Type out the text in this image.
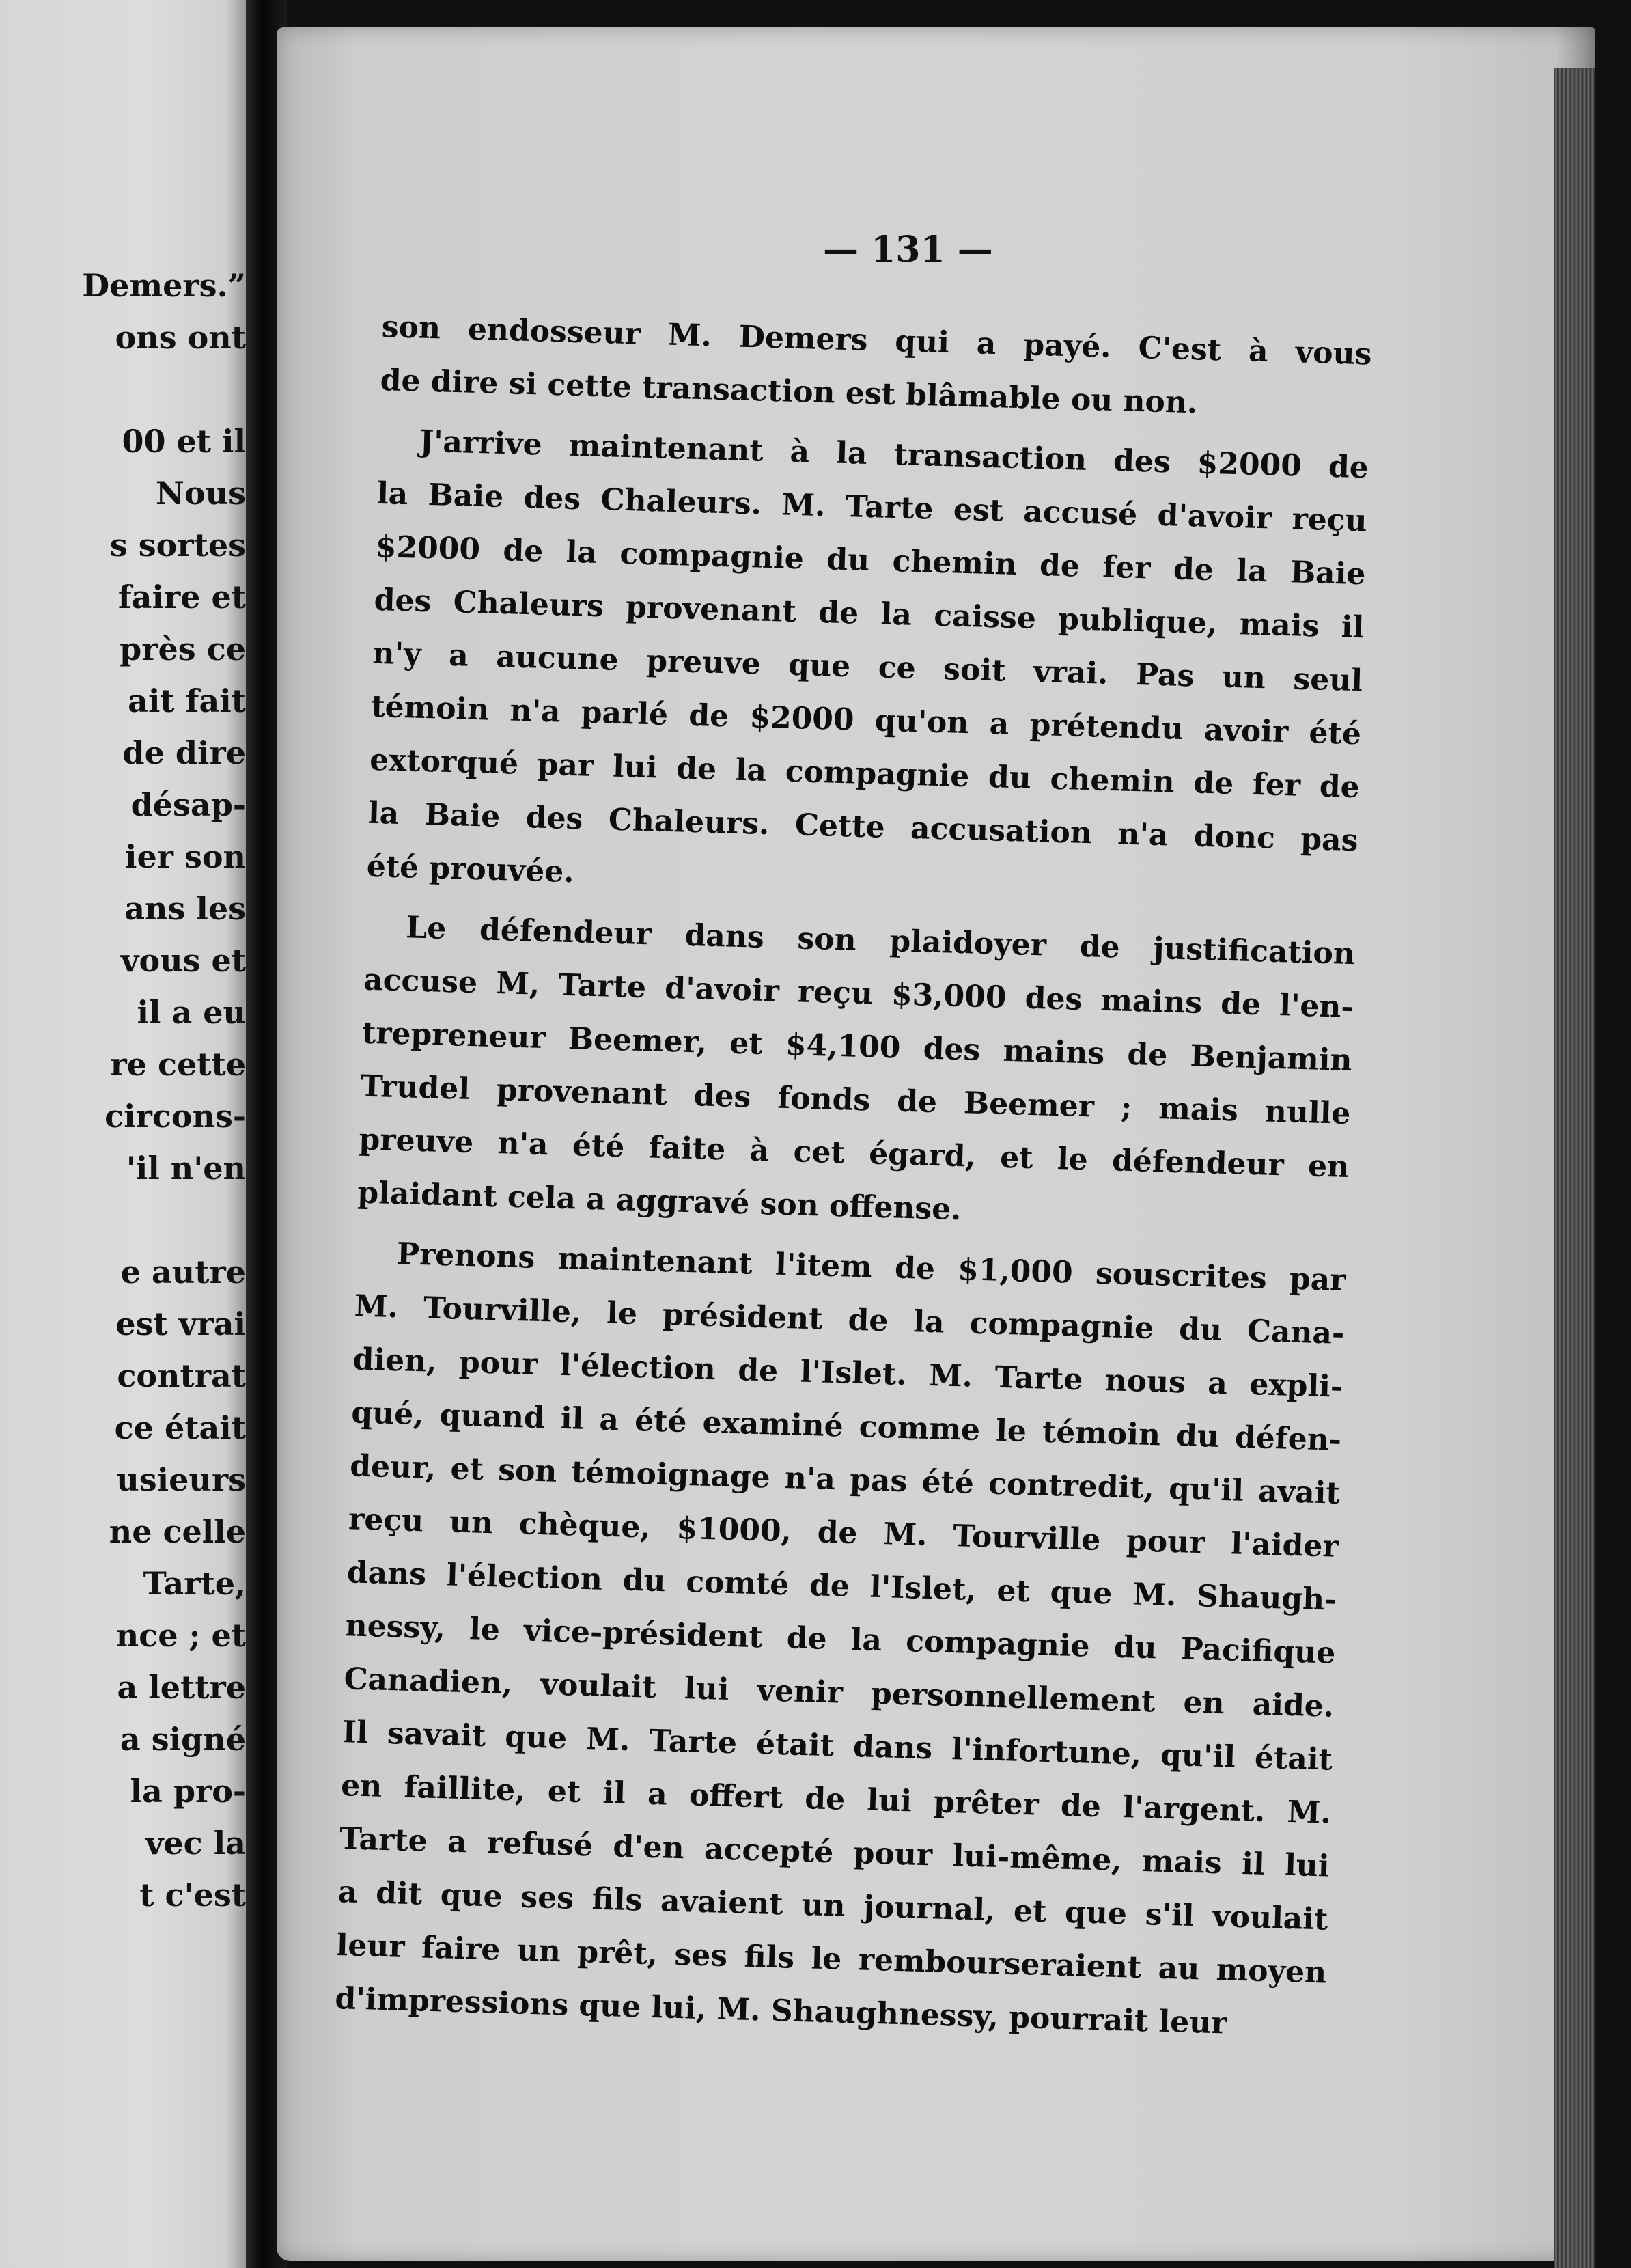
Demers.”
ons ont
00 et il
Nous
s sortes
faire et
près ce
ait fait
de dire
désap-
ier son
ans les
vous et
il a eu
re cette
circons-
'il n'en
e autre
est vrai
contrat
ce était
usieurs
ne celle
Tarte,
nce ; et
a lettre
a signé
la pro-
vec la
t c'est
— 131 —
son endosseur M. Demers qui a payé. C'est à vous
de dire si cette transaction est blâmable ou non.
J'arrive maintenant à la transaction des $2000 de
la Baie des Chaleurs. M. Tarte est accusé d'avoir reçu
$2000 de la compagnie du chemin de fer de la Baie
des Chaleurs provenant de la caisse publique, mais il
n'y a aucune preuve que ce soit vrai. Pas un seul
témoin n'a parlé de $2000 qu'on a prétendu avoir été
extorqué par lui de la compagnie du chemin de fer de
la Baie des Chaleurs. Cette accusation n'a donc pas
été prouvée.
Le défendeur dans son plaidoyer de justification
accuse M, Tarte d'avoir reçu $3,000 des mains de l'en-
trepreneur Beemer, et $4,100 des mains de Benjamin
Trudel provenant des fonds de Beemer ; mais nulle
preuve n'a été faite à cet égard, et le défendeur en
plaidant cela a aggravé son offense.
Prenons maintenant l'item de $1,000 souscrites par
M. Tourville, le président de la compagnie du Cana-
dien, pour l'élection de l'Islet. M. Tarte nous a expli-
qué, quand il a été examiné comme le témoin du défen-
deur, et son témoignage n'a pas été contredit, qu'il avait
reçu un chèque, $1000, de M. Tourville pour l'aider
dans l'élection du comté de l'Islet, et que M. Shaugh-
nessy, le vice-président de la compagnie du Pacifique
Canadien, voulait lui venir personnellement en aide.
Il savait que M. Tarte était dans l'infortune, qu'il était
en faillite, et il a offert de lui prêter de l'argent. M.
Tarte a refusé d'en accepté pour lui-même, mais il lui
a dit que ses fils avaient un journal, et que s'il voulait
leur faire un prêt, ses fils le rembourseraient au moyen
d'impressions que lui, M. Shaughnessy, pourrait leur
